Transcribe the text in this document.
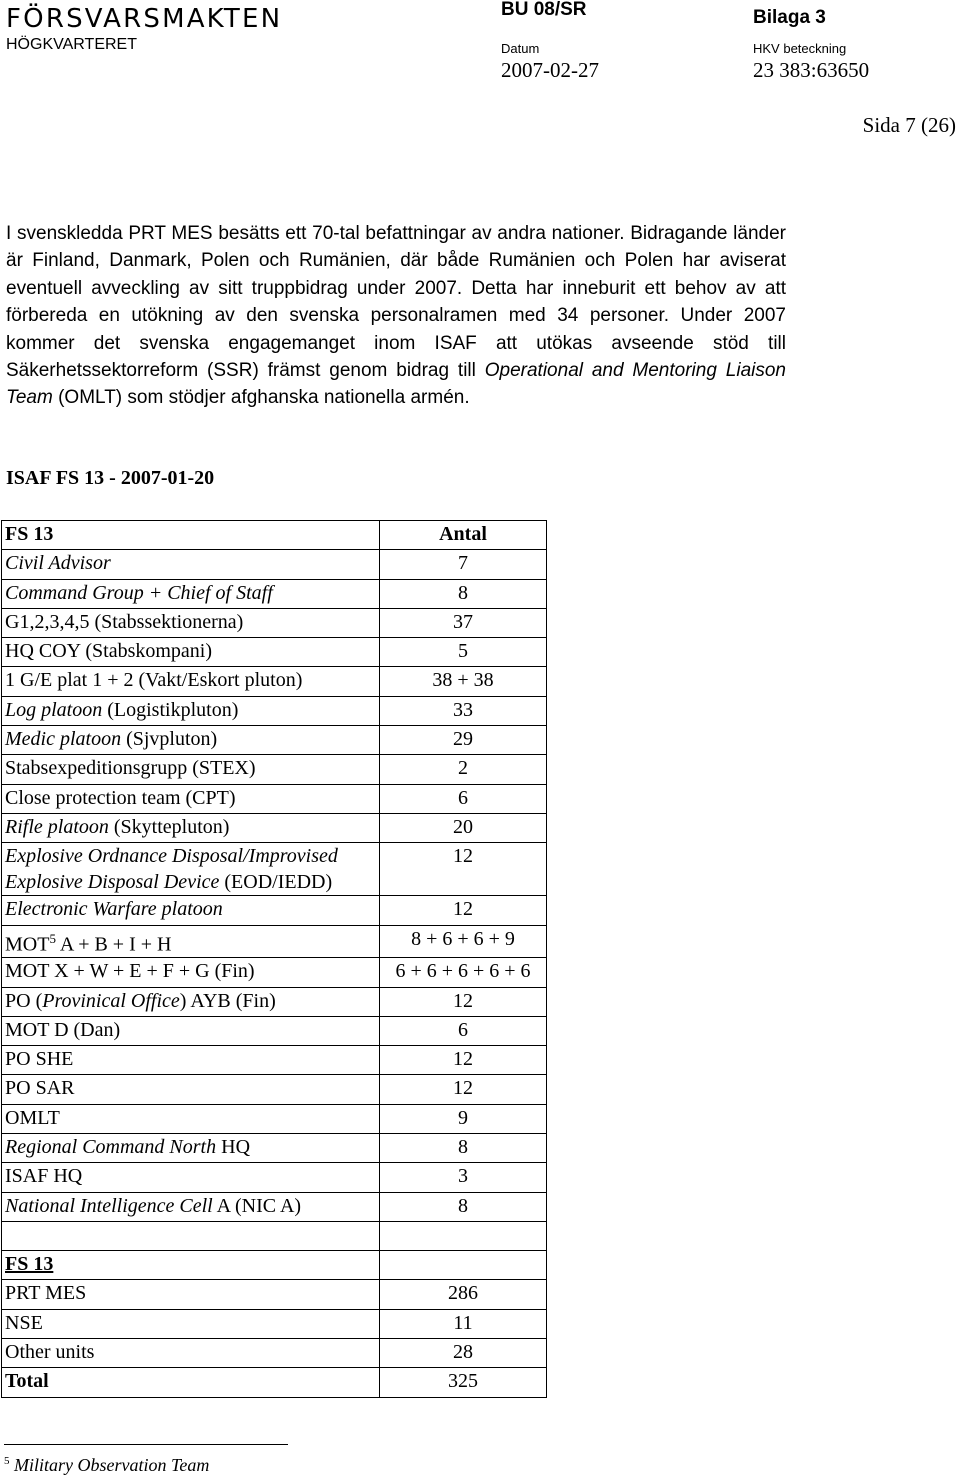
FÖRSVARSMAKTEN
HÖGKVARTERET
BU 08/SR	Bilaga 3
Datum	HKV beteckning
2007-02-27	23 383:63650
Sida 7 (26)
I svenskledda PRT MES besätts ett 70-tal befattningar av andra nationer. Bidragande länder är Finland, Danmark, Polen och Rumänien, där både Rumänien och Polen har aviserat eventuell avveckling av sitt truppbidrag under 2007. Detta har inneburit ett behov av att förbereda en utökning av den svenska personalramen med 34 personer. Under 2007 kommer det svenska engagemanget inom ISAF att utökas avseende stöd till Säkerhetssektorreform (SSR) främst genom bidrag till Operational and Mentoring Liaison Team (OMLT) som stödjer afghanska nationella armén.
ISAF FS 13 - 2007-01-20
FS 13	Antal
Civil Advisor	7
Command Group + Chief of Staff	8
G1,2,3,4,5 (Stabssektionerna)	37
HQ COY (Stabskompani)	5
1 G/E plat 1 + 2 (Vakt/Eskort pluton)	38 + 38
Log platoon (Logistikpluton)	33
Medic platoon (Sjvpluton)	29
Stabsexpeditionsgrupp (STEX)	2
Close protection team (CPT)	6
Rifle platoon (Skyttepluton)	20
Explosive Ordnance Disposal/Improvised Explosive Disposal Device (EOD/IEDD)	12
Electronic Warfare platoon	12
MOT$^5$ A + B + I + H	8 + 6 + 6 + 9
MOT X + W + E + F + G (Fin)	6 + 6 + 6 + 6 + 6
PO (Provinical Office) AYB (Fin)	12
MOT D (Dan)	6
PO SHE	12
PO SAR	12
OMLT	9
Regional Command North HQ	8
ISAF HQ	3
National Intelligence Cell A (NIC A)	8

FS 13	
PRT MES	286
NSE	11
Other units	28
Total	325
$^5$ Military Observation Team
